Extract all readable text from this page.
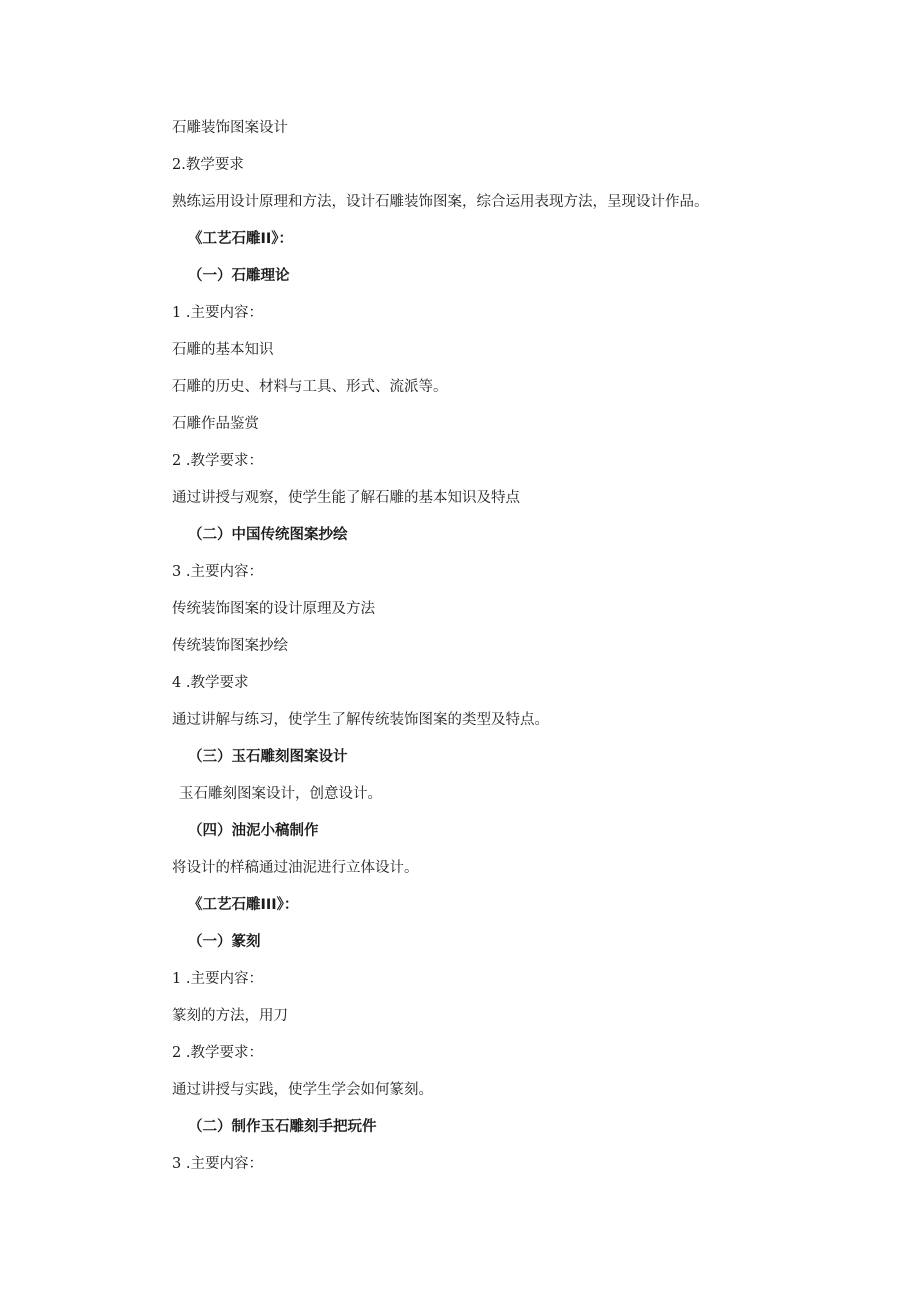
石雕装饰图案设计
2.教学要求
熟练运用设计原理和方法，设计石雕装饰图案，综合运用表现方法，呈现设计作品。
《工艺石雕II》：
（一）石雕理论
1 .主要内容：
石雕的基本知识
石雕的历史、材料与工具、形式、流派等。
石雕作品鉴赏
2 .教学要求：
通过讲授与观察，使学生能了解石雕的基本知识及特点
（二）中国传统图案抄绘
3 .主要内容：
传统装饰图案的设计原理及方法
传统装饰图案抄绘
4 .教学要求
通过讲解与练习，使学生了解传统装饰图案的类型及特点。
（三）玉石雕刻图案设计
玉石雕刻图案设计，创意设计。
（四）油泥小稿制作
将设计的样稿通过油泥进行立体设计。
《工艺石雕III》：
（一）篆刻
1 .主要内容：
篆刻的方法，用刀
2 .教学要求：
通过讲授与实践，使学生学会如何篆刻。
（二）制作玉石雕刻手把玩件
3 .主要内容：
